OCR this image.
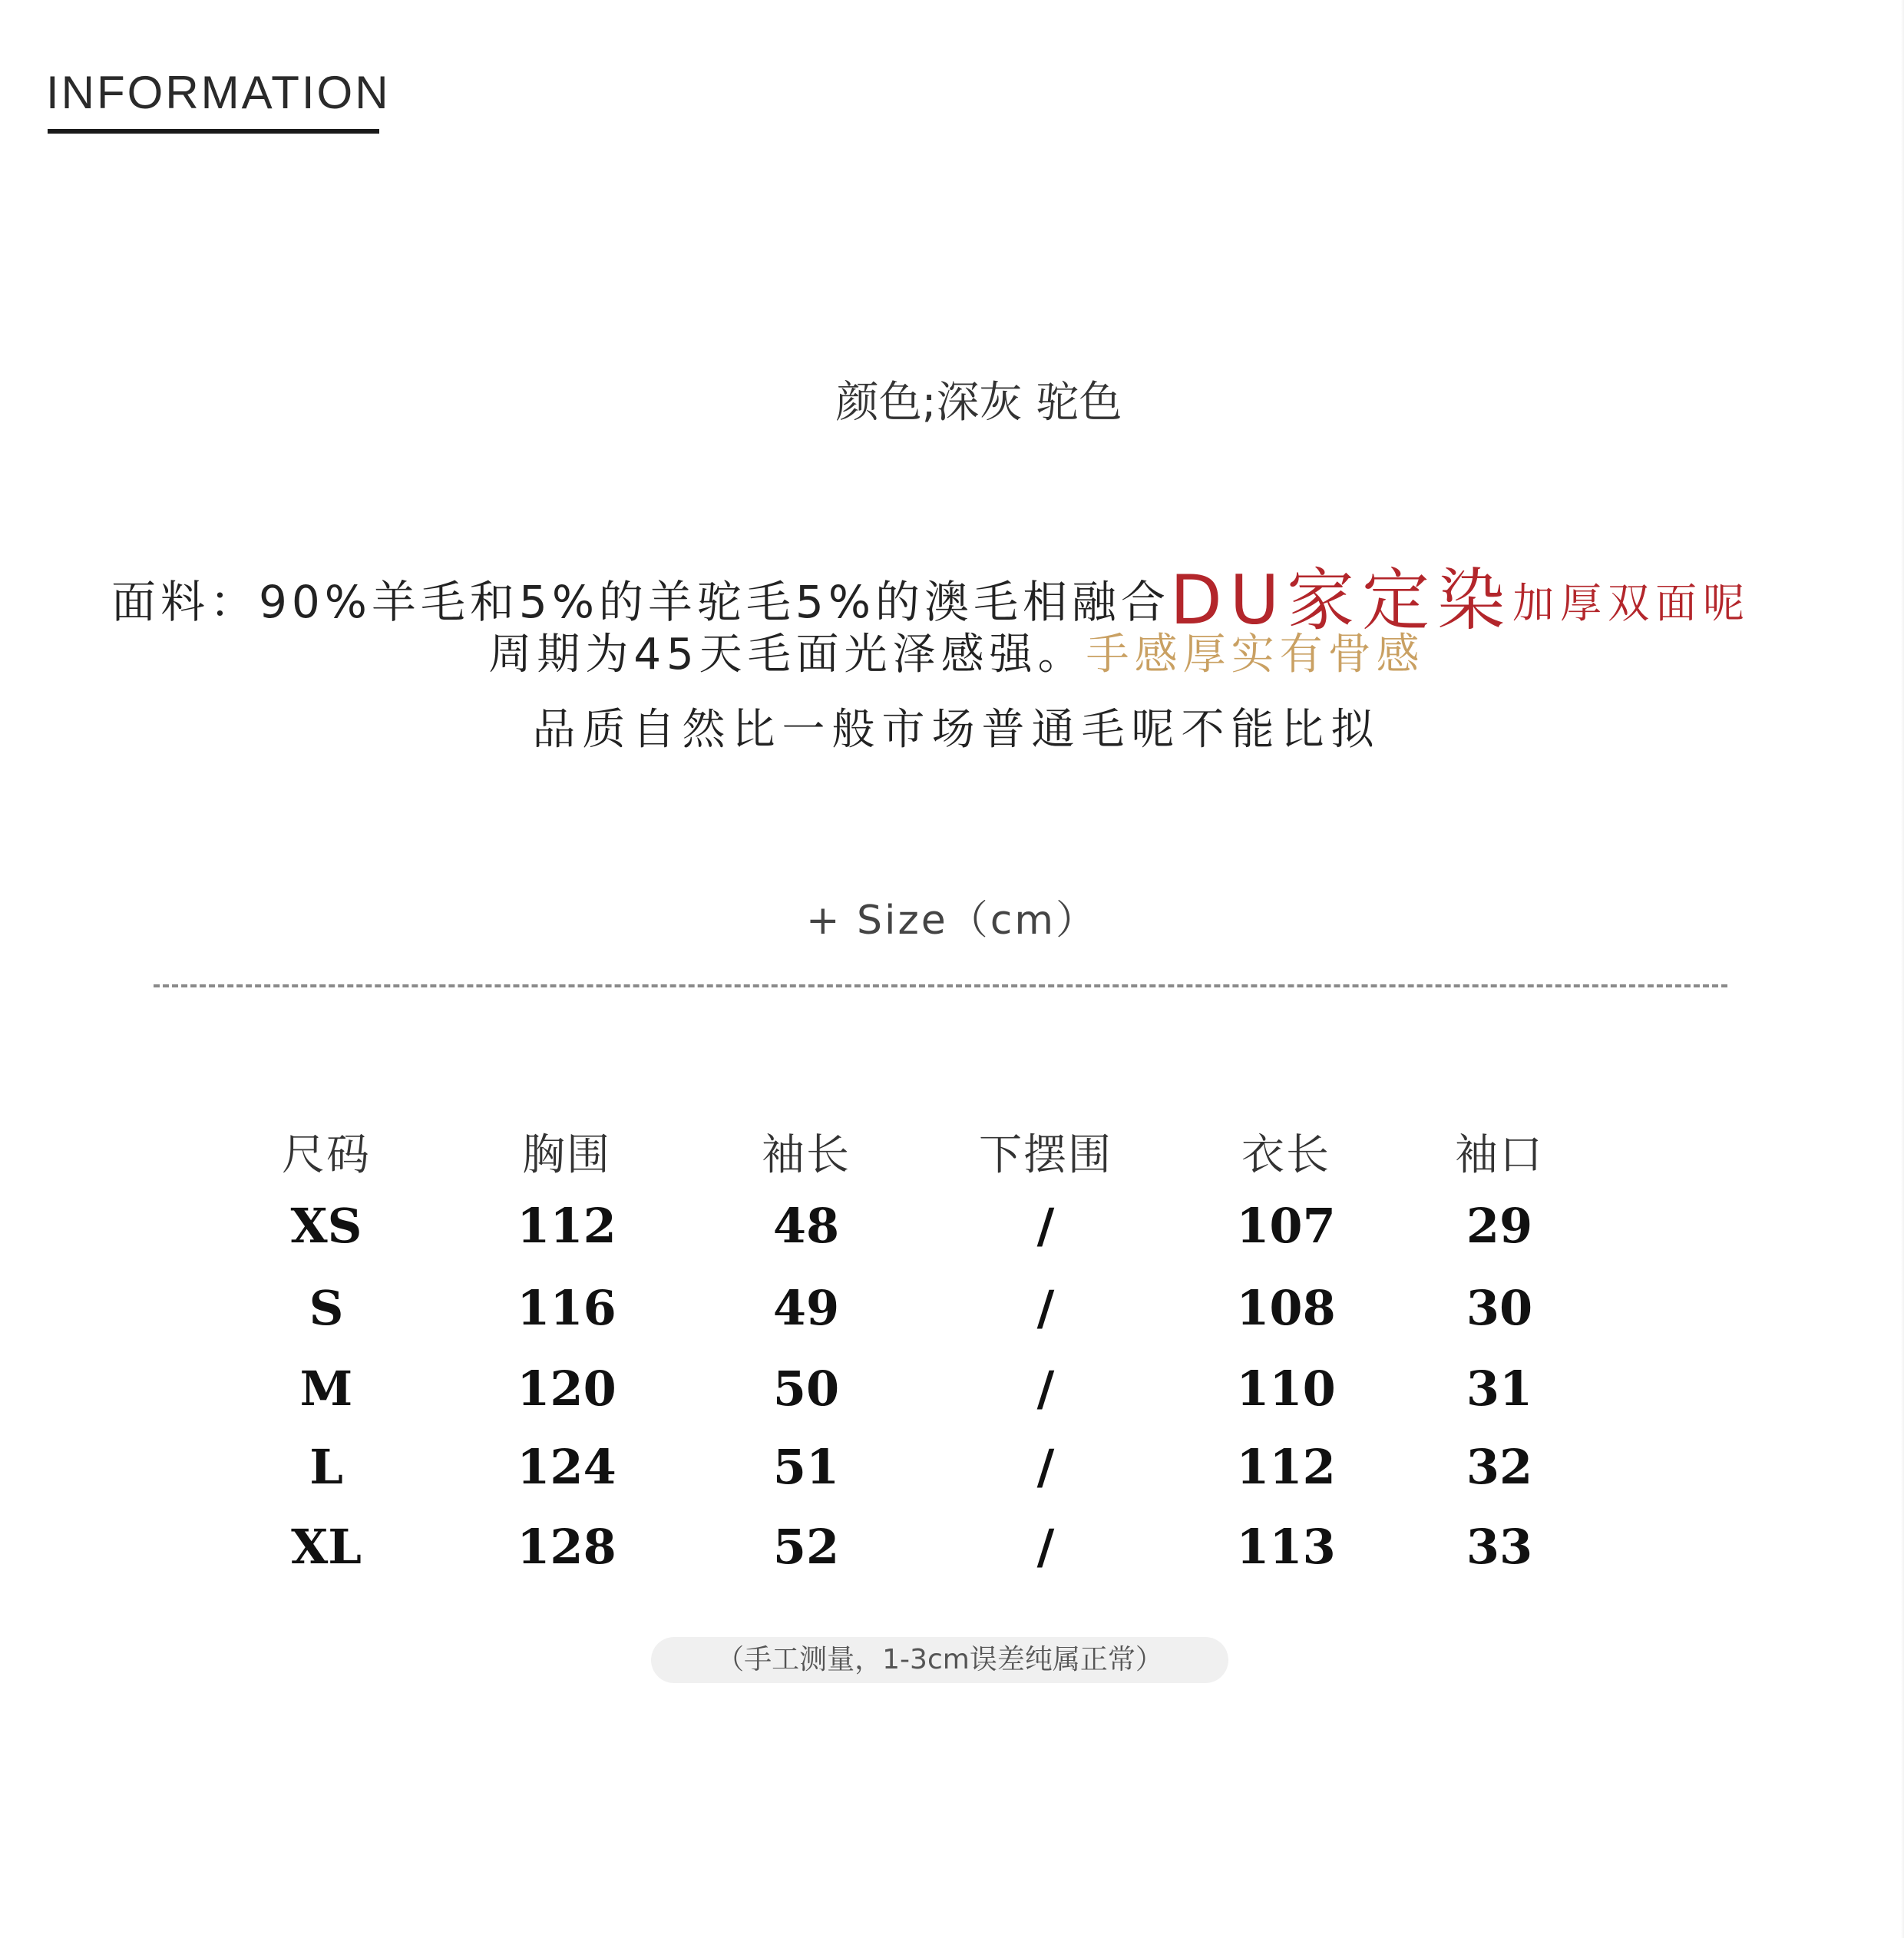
INFORMATION
颜色;深灰 驼色
面料：90%羊毛和5%的羊驼毛5%的澳毛相融合DU家定染加厚双面呢
周期为45天毛面光泽感强。手感厚实有骨感
品质自然比一般市场普通毛呢不能比拟
+ Size（cm）
尺码	胸围	袖长	下摆围	衣长	袖口
XS	112	48	/	107	29
S	116	49	/	108	30
M	120	50	/	110	31
L	124	51	/	112	32
XL	128	52	/	113	33
（手工测量，1-3cm误差纯属正常）
